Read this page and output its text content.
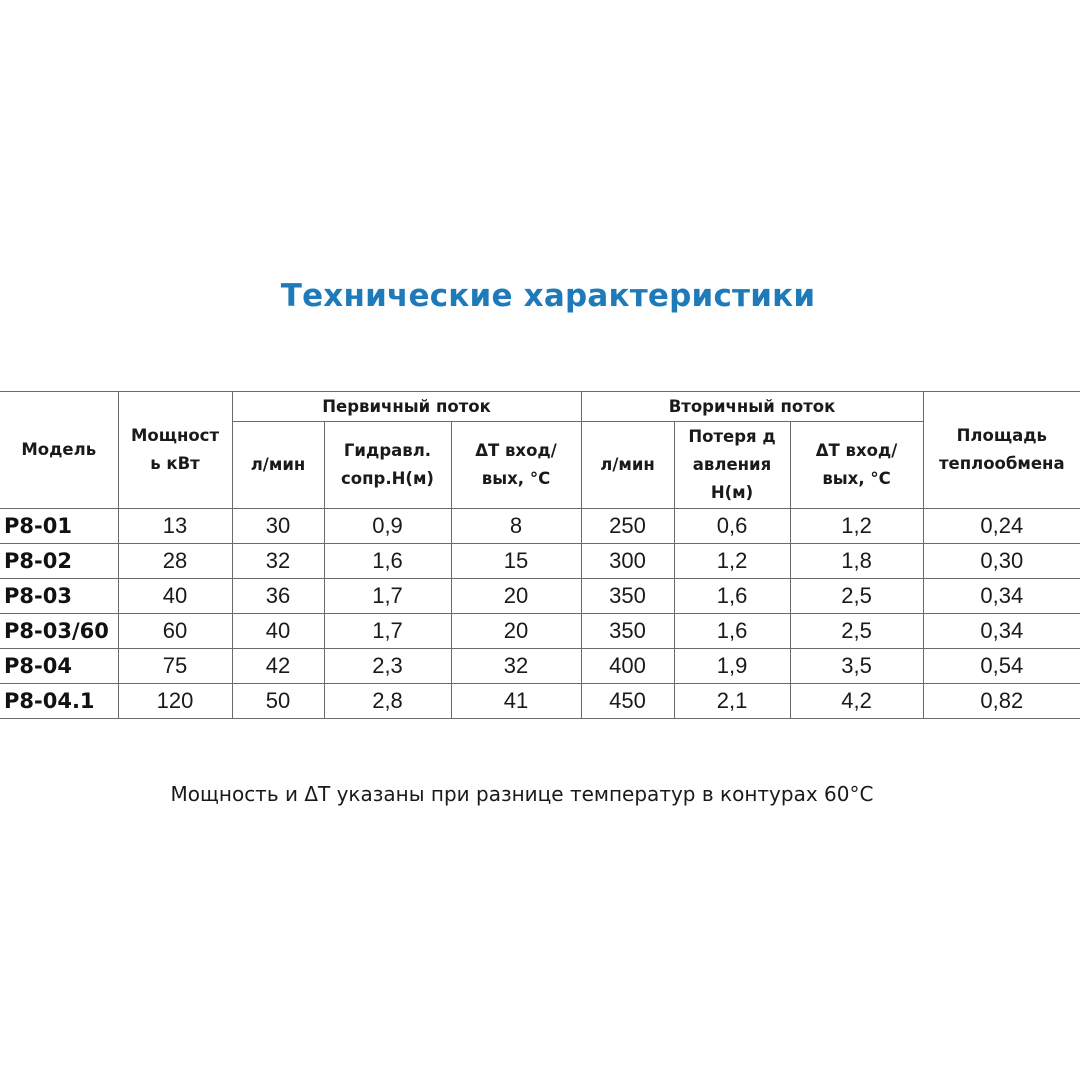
Технические характеристики
Модель	Мощность кВт	Первичный поток			Вторичный поток			Площадь теплообмена

		л/мин	Гидравл. сопр.Н(м)	ΔТ вход/вых, °С	л/мин	Потеря давления Н(м)	ΔТ вход/вых, °С	

P8-01	13	30	0,9	8	250	0,6	1,2	0,24
P8-02	28	32	1,6	15	300	1,2	1,8	0,30
P8-03	40	36	1,7	20	350	1,6	2,5	0,34
P8-03/60	60	40	1,7	20	350	1,6	2,5	0,34
P8-04	75	42	2,3	32	400	1,9	3,5	0,54
P8-04.1	120	50	2,8	41	450	2,1	4,2	0,82
Мощность и ΔТ указаны при разнице температур в контурах 60°С
